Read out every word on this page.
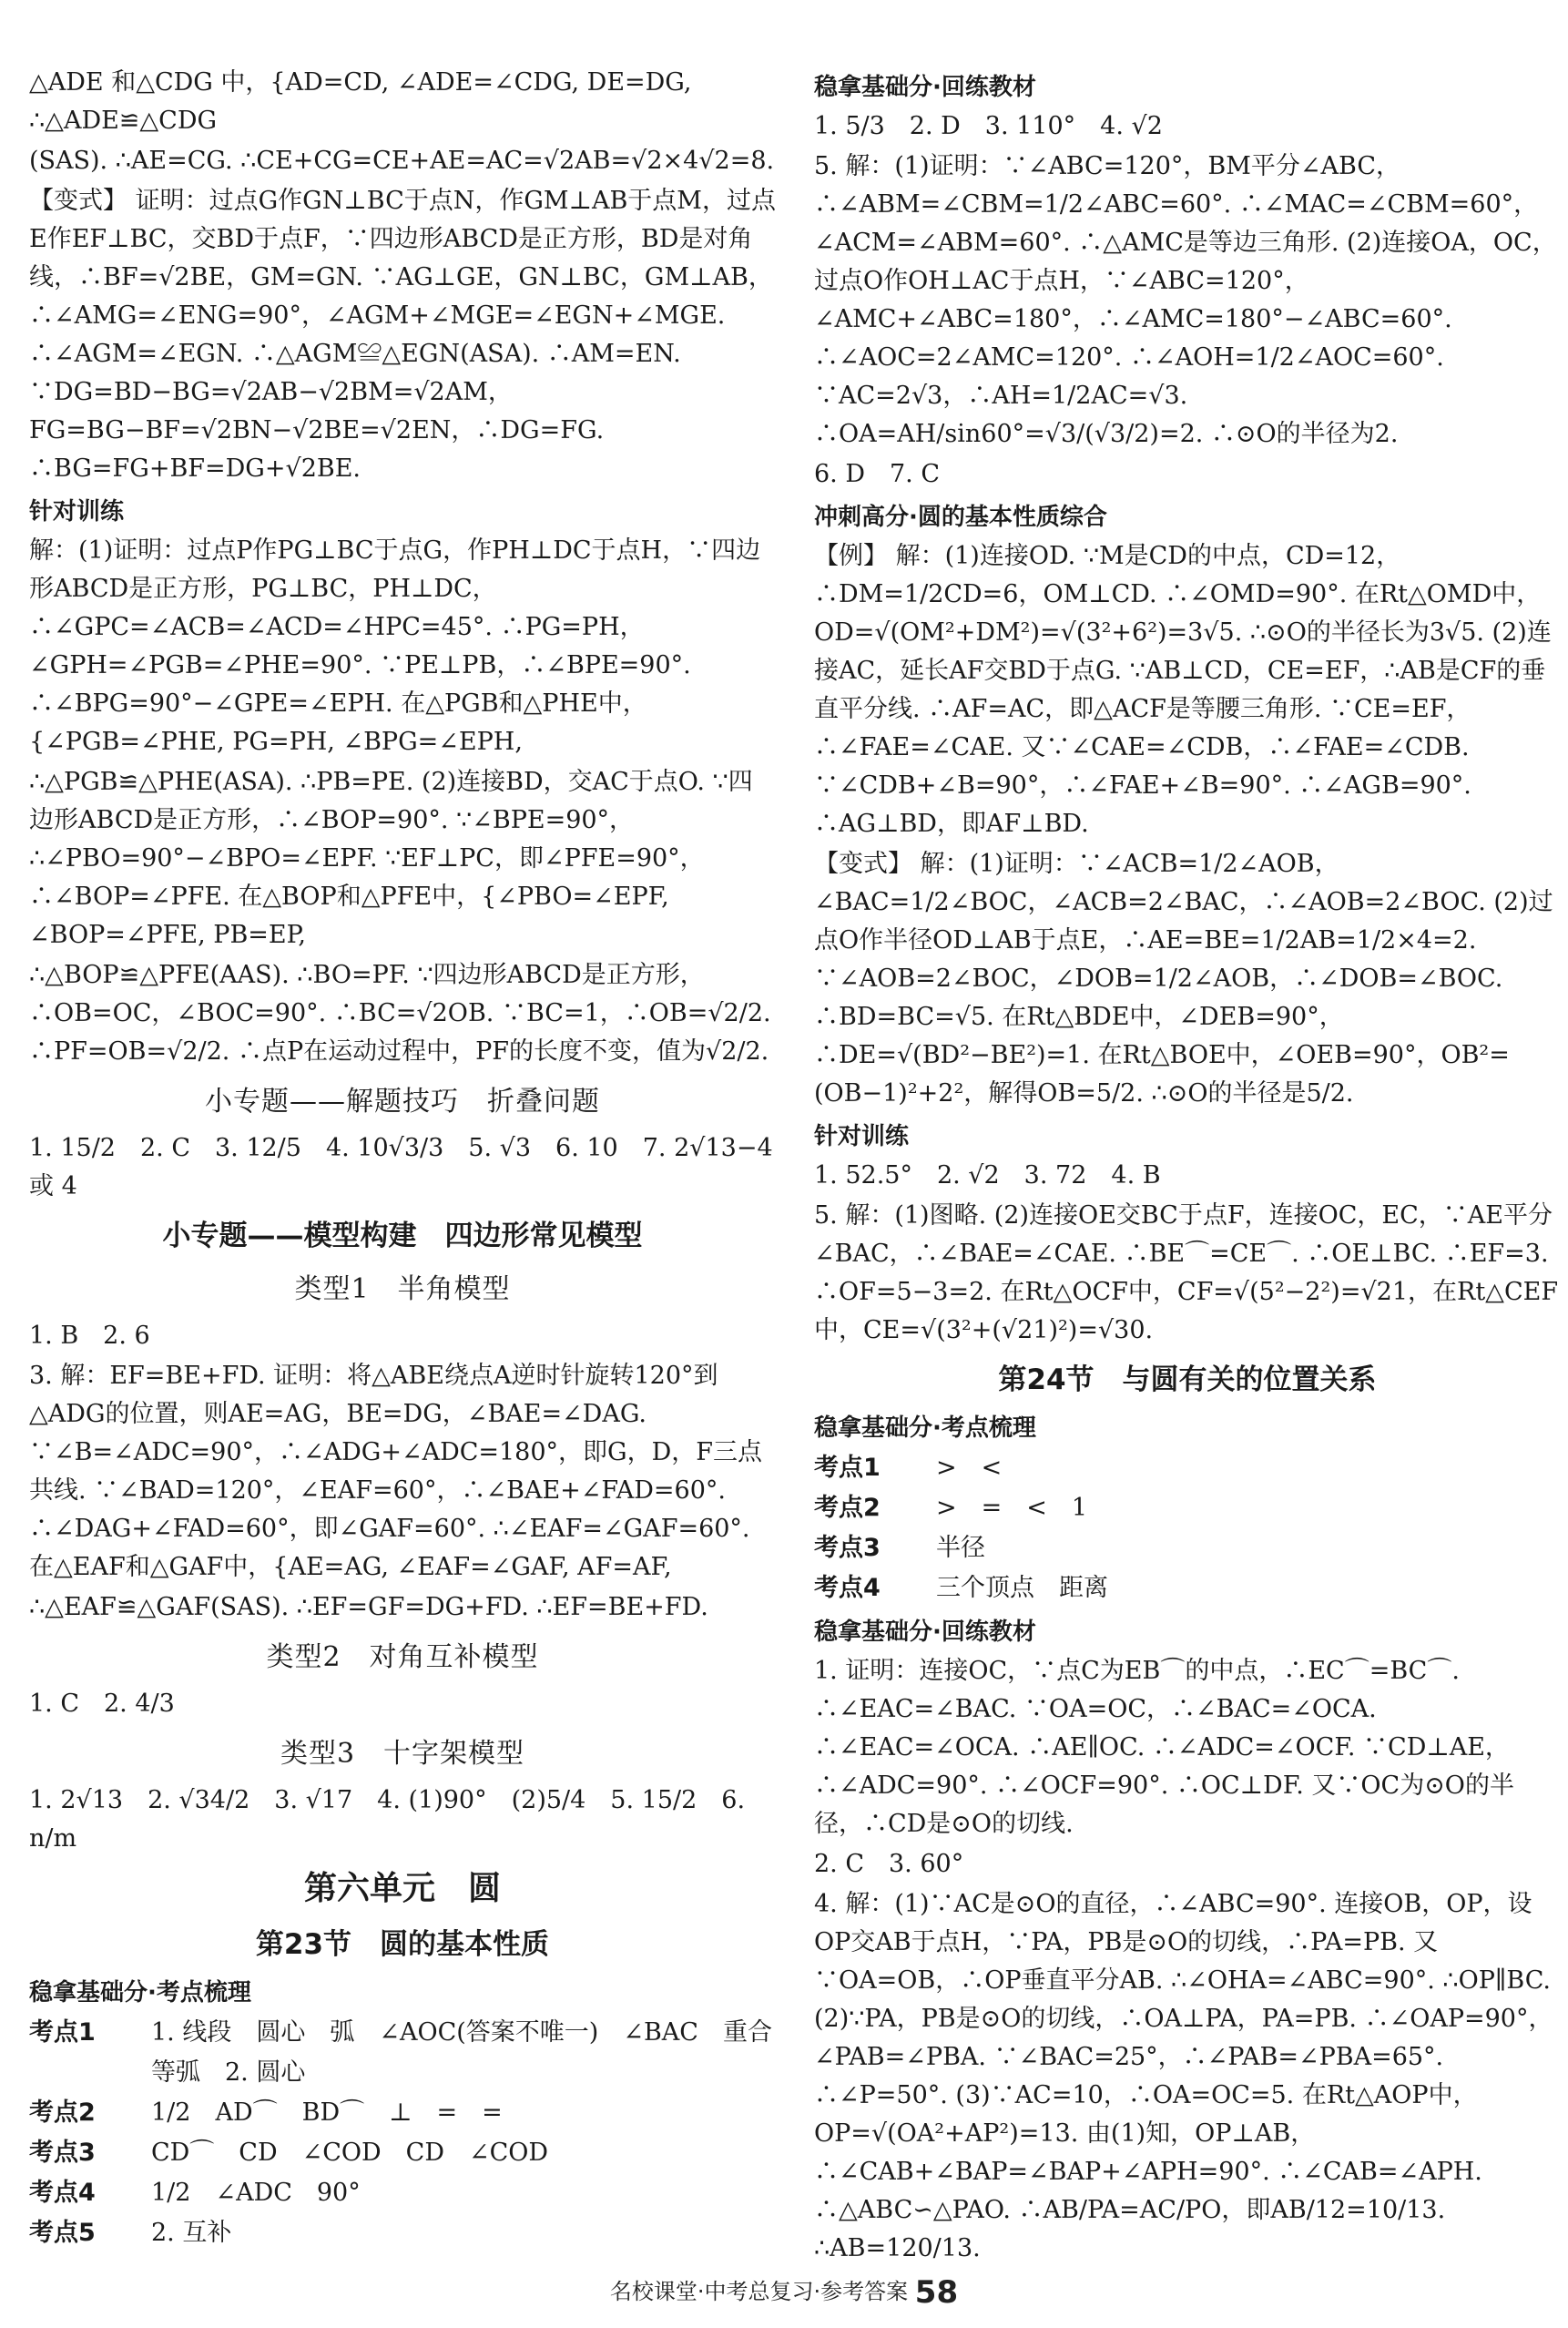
△ADE 和△CDG 中，{AD=CD, ∠ADE=∠CDG, DE=DG, ∴△ADE≌△CDG

(SAS). ∴AE=CG. ∴CE+CG=CE+AE=AC=√2AB=√2×4√2=8.

【变式】 证明：过点G作GN⊥BC于点N，作GM⊥AB于点M，过点E作EF⊥BC，交BD于点F，∵四边形ABCD是正方形，BD是对角线，∴BF=√2BE，GM=GN. ∵AG⊥GE，GN⊥BC，GM⊥AB，∴∠AMG=∠ENG=90°，∠AGM+∠MGE=∠EGN+∠MGE. ∴∠AGM=∠EGN. ∴△AGM≌△EGN(ASA). ∴AM=EN. ∵DG=BD−BG=√2AB−√2BM=√2AM，FG=BG−BF=√2BN−√2BE=√2EN，∴DG=FG. ∴BG=FG+BF=DG+√2BE.

针对训练

解：(1)证明：过点P作PG⊥BC于点G，作PH⊥DC于点H，∵四边形ABCD是正方形，PG⊥BC，PH⊥DC，∴∠GPC=∠ACB=∠ACD=∠HPC=45°. ∴PG=PH，∠GPH=∠PGB=∠PHE=90°. ∵PE⊥PB，∴∠BPE=90°. ∴∠BPG=90°−∠GPE=∠EPH. 在△PGB和△PHE中，{∠PGB=∠PHE, PG=PH, ∠BPG=∠EPH,

∴△PGB≌△PHE(ASA). ∴PB=PE. (2)连接BD，交AC于点O. ∵四边形ABCD是正方形，∴∠BOP=90°. ∵∠BPE=90°，∴∠PBO=90°−∠BPO=∠EPF. ∵EF⊥PC，即∠PFE=90°，∴∠BOP=∠PFE. 在△BOP和△PFE中，{∠PBO=∠EPF, ∠BOP=∠PFE, PB=EP,

∴△BOP≌△PFE(AAS). ∴BO=PF. ∵四边形ABCD是正方形，∴OB=OC，∠BOC=90°. ∴BC=√2OB. ∵BC=1，∴OB=√2/2. ∴PF=OB=√2/2. ∴点P在运动过程中，PF的长度不变，值为√2/2.

小专题——解题技巧　折叠问题

1. 15/2　2. C　3. 12/5　4. 10√3/3　5. √3　6. 10　7. 2√13−4 或 4

小专题——模型构建　四边形常见模型
类型1　半角模型

1. B　2. 6

3. 解：EF=BE+FD. 证明：将△ABE绕点A逆时针旋转120°到△ADG的位置，则AE=AG，BE=DG，∠BAE=∠DAG. ∵∠B=∠ADC=90°，∴∠ADG+∠ADC=180°，即G，D，F三点共线. ∵∠BAD=120°，∠EAF=60°，∴∠BAE+∠FAD=60°. ∴∠DAG+∠FAD=60°，即∠GAF=60°. ∴∠EAF=∠GAF=60°. 在△EAF和△GAF中，{AE=AG, ∠EAF=∠GAF, AF=AF,

∴△EAF≌△GAF(SAS). ∴EF=GF=DG+FD. ∴EF=BE+FD.

类型2　对角互补模型

1. C　2. 4/3

类型3　十字架模型

1. 2√13　2. √34/2　3. √17　4. (1)90°　(2)5/4　5. 15/2　6. n/m

第六单元　圆
第23节　圆的基本性质
稳拿基础分·考点梳理
考点1	1. 线段　圆心　弧　∠AOC(答案不唯一)　∠BAC　重合　等弧　2. 圆心
考点2	1/2　AD⌒　BD⌒　⊥　=　=
考点3	CD⌒　CD　∠COD　CD　∠COD
考点4	1/2　∠ADC　90°
考点5	2. 互补
稳拿基础分·回练教材

1. 5/3　2. D　3. 110°　4. √2

5. 解：(1)证明：∵∠ABC=120°，BM平分∠ABC，∴∠ABM=∠CBM=1/2∠ABC=60°. ∴∠MAC=∠CBM=60°，∠ACM=∠ABM=60°. ∴△AMC是等边三角形. (2)连接OA，OC，过点O作OH⊥AC于点H，∵∠ABC=120°，∠AMC+∠ABC=180°，∴∠AMC=180°−∠ABC=60°. ∴∠AOC=2∠AMC=120°. ∴∠AOH=1/2∠AOC=60°. ∵AC=2√3，∴AH=1/2AC=√3. ∴OA=AH/sin60°=√3/(√3/2)=2. ∴⊙O的半径为2.

6. D　7. C

冲刺高分·圆的基本性质综合

【例】 解：(1)连接OD. ∵M是CD的中点，CD=12，∴DM=1/2CD=6，OM⊥CD. ∴∠OMD=90°. 在Rt△OMD中，OD=√(OM²+DM²)=√(3²+6²)=3√5. ∴⊙O的半径长为3√5. (2)连接AC，延长AF交BD于点G. ∵AB⊥CD，CE=EF，∴AB是CF的垂直平分线. ∴AF=AC，即△ACF是等腰三角形. ∵CE=EF，∴∠FAE=∠CAE. 又∵∠CAE=∠CDB，∴∠FAE=∠CDB. ∵∠CDB+∠B=90°，∴∠FAE+∠B=90°. ∴∠AGB=90°. ∴AG⊥BD，即AF⊥BD.

【变式】 解：(1)证明：∵∠ACB=1/2∠AOB，∠BAC=1/2∠BOC，∠ACB=2∠BAC，∴∠AOB=2∠BOC. (2)过点O作半径OD⊥AB于点E，∴AE=BE=1/2AB=1/2×4=2. ∵∠AOB=2∠BOC，∠DOB=1/2∠AOB，∴∠DOB=∠BOC. ∴BD=BC=√5. 在Rt△BDE中，∠DEB=90°，∴DE=√(BD²−BE²)=1. 在Rt△BOE中，∠OEB=90°，OB²=(OB−1)²+2²，解得OB=5/2. ∴⊙O的半径是5/2.

针对训练

1. 52.5°　2. √2　3. 72　4. B

5. 解：(1)图略. (2)连接OE交BC于点F，连接OC，EC，∵AE平分∠BAC，∴∠BAE=∠CAE. ∴BE⌒=CE⌒. ∴OE⊥BC. ∴EF=3. ∴OF=5−3=2. 在Rt△OCF中，CF=√(5²−2²)=√21，在Rt△CEF中，CE=√(3²+(√21)²)=√30.

第24节　与圆有关的位置关系
稳拿基础分·考点梳理
考点1	>　<
考点2	>　=　<　1
考点3	半径
考点4	三个顶点　距离
稳拿基础分·回练教材

1. 证明：连接OC，∵点C为EB⌒的中点，∴EC⌒=BC⌒. ∴∠EAC=∠BAC. ∵OA=OC，∴∠BAC=∠OCA. ∴∠EAC=∠OCA. ∴AE∥OC. ∴∠ADC=∠OCF. ∵CD⊥AE，∴∠ADC=90°. ∴∠OCF=90°. ∴OC⊥DF. 又∵OC为⊙O的半径，∴CD是⊙O的切线.

2. C　3. 60°

4. 解：(1)∵AC是⊙O的直径，∴∠ABC=90°. 连接OB，OP，设OP交AB于点H，∵PA，PB是⊙O的切线，∴PA=PB. 又∵OA=OB，∴OP垂直平分AB. ∴∠OHA=∠ABC=90°. ∴OP∥BC. (2)∵PA，PB是⊙O的切线，∴OA⊥PA，PA=PB. ∴∠OAP=90°，∠PAB=∠PBA. ∵∠BAC=25°，∴∠PAB=∠PBA=65°. ∴∠P=50°. (3)∵AC=10，∴OA=OC=5. 在Rt△AOP中，OP=√(OA²+AP²)=13. 由(1)知，OP⊥AB，∴∠CAB+∠BAP=∠BAP+∠APH=90°. ∴∠CAB=∠APH. ∴△ABC∽△PAO. ∴AB/PA=AC/PO，即AB/12=10/13. ∴AB=120/13.

名校课堂·中考总复习·参考答案 58
